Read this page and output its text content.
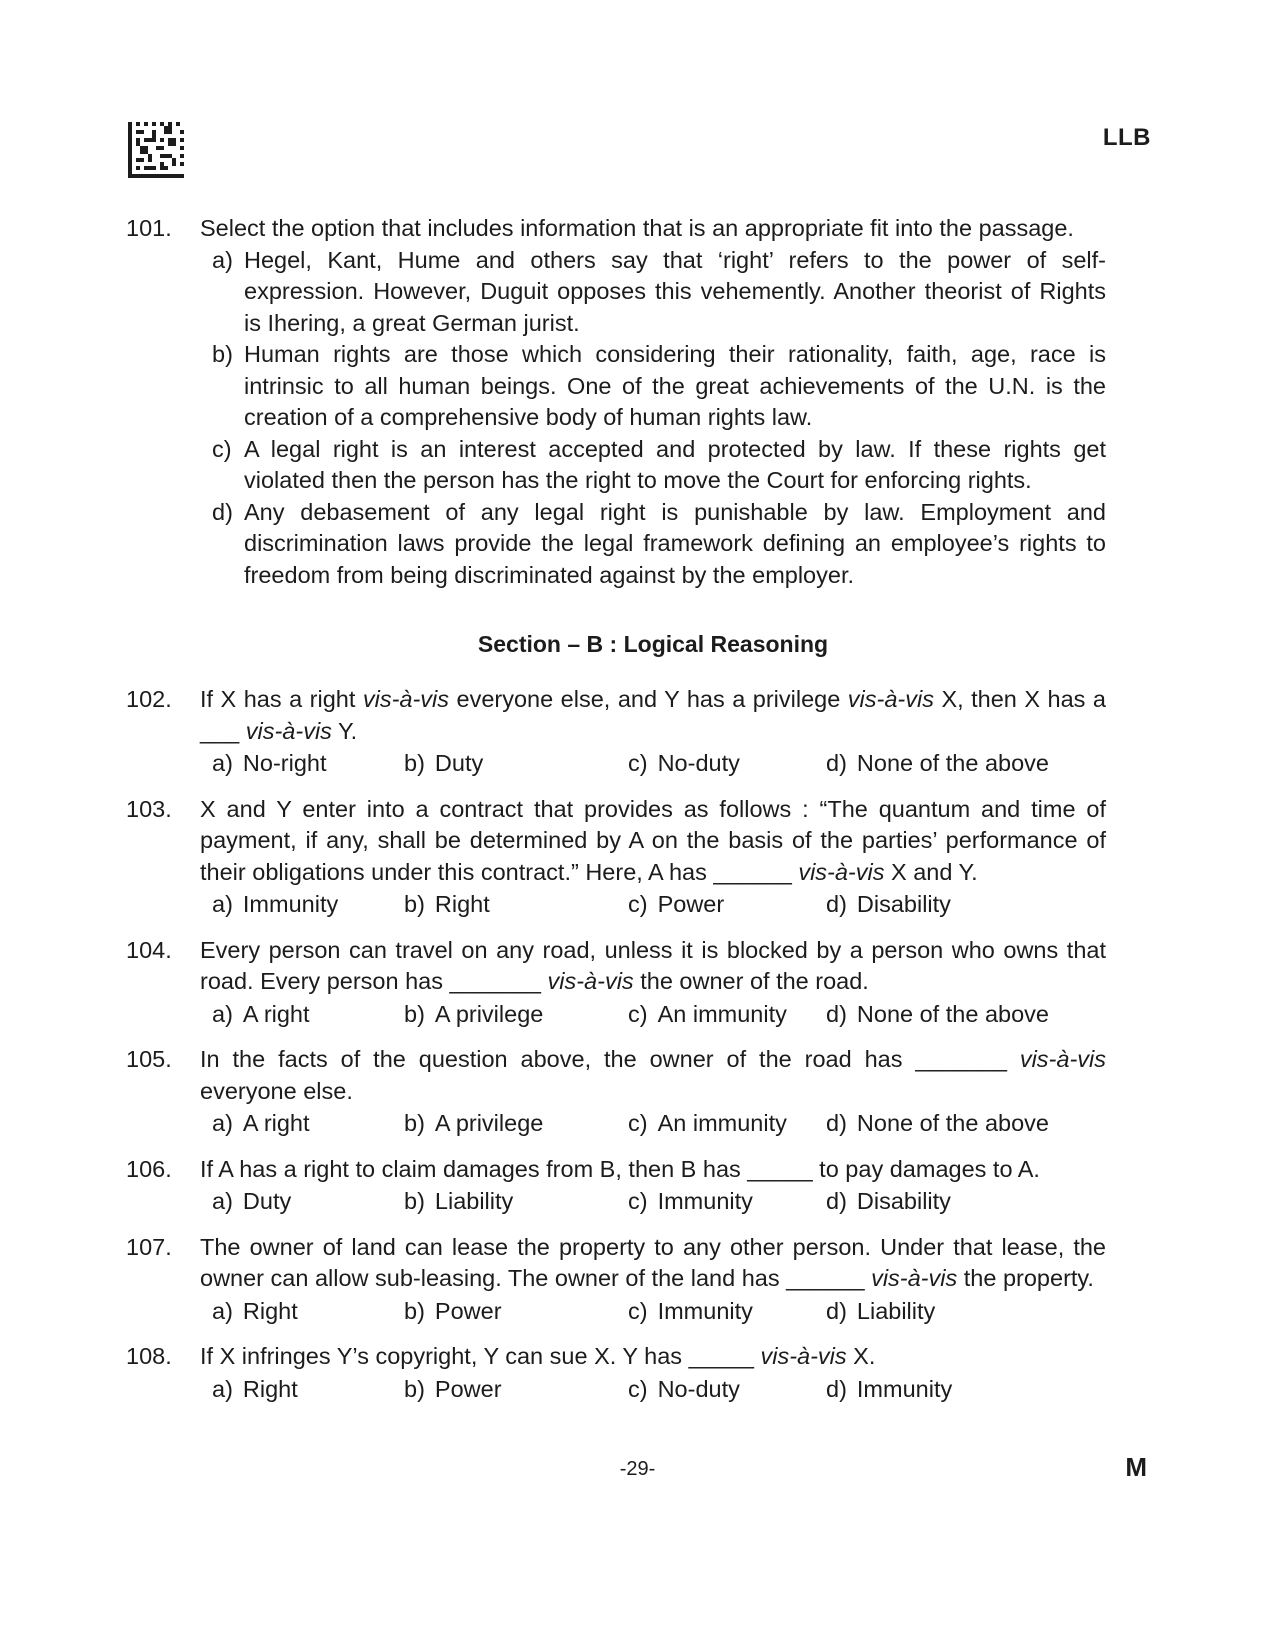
LLB
101. Select the option that includes information that is an appropriate fit into the passage.
a) Hegel, Kant, Hume and others say that ‘right’ refers to the power of self-expression. However, Duguit opposes this vehemently. Another theorist of Rights is Ihering, a great German jurist.
b) Human rights are those which considering their rationality, faith, age, race is intrinsic to all human beings. One of the great achievements of the U.N. is the creation of a comprehensive body of human rights law.
c) A legal right is an interest accepted and protected by law. If these rights get violated then the person has the right to move the Court for enforcing rights.
d) Any debasement of any legal right is punishable by law. Employment and discrimination laws provide the legal framework defining an employee’s rights to freedom from being discriminated against by the employer.
Section – B : Logical Reasoning
102. If X has a right vis-à-vis everyone else, and Y has a privilege vis-à-vis X, then X has a ___ vis-à-vis Y.
a) No-right	b) Duty	c) No-duty	d) None of the above
103. X and Y enter into a contract that provides as follows : “The quantum and time of payment, if any, shall be determined by A on the basis of the parties’ performance of their obligations under this contract.” Here, A has ______ vis-à-vis X and Y.
a) Immunity	b) Right	c) Power	d) Disability
104. Every person can travel on any road, unless it is blocked by a person who owns that road. Every person has _______ vis-à-vis the owner of the road.
a) A right	b) A privilege	c) An immunity d) None of the above
105. In the facts of the question above, the owner of the road has _______ vis-à-vis everyone else.
a) A right	b) A privilege	c) An immunity d) None of the above
106. If A has a right to claim damages from B, then B has _____ to pay damages to A.
a) Duty	b) Liability	c) Immunity	d) Disability
107. The owner of land can lease the property to any other person. Under that lease, the owner can allow sub-leasing. The owner of the land has ______ vis-à-vis the property.
a) Right	b) Power	c) Immunity	d) Liability
108. If X infringes Y’s copyright, Y can sue X. Y has _____ vis-à-vis X.
a) Right	b) Power	c) No-duty	d) Immunity
-29-	M
